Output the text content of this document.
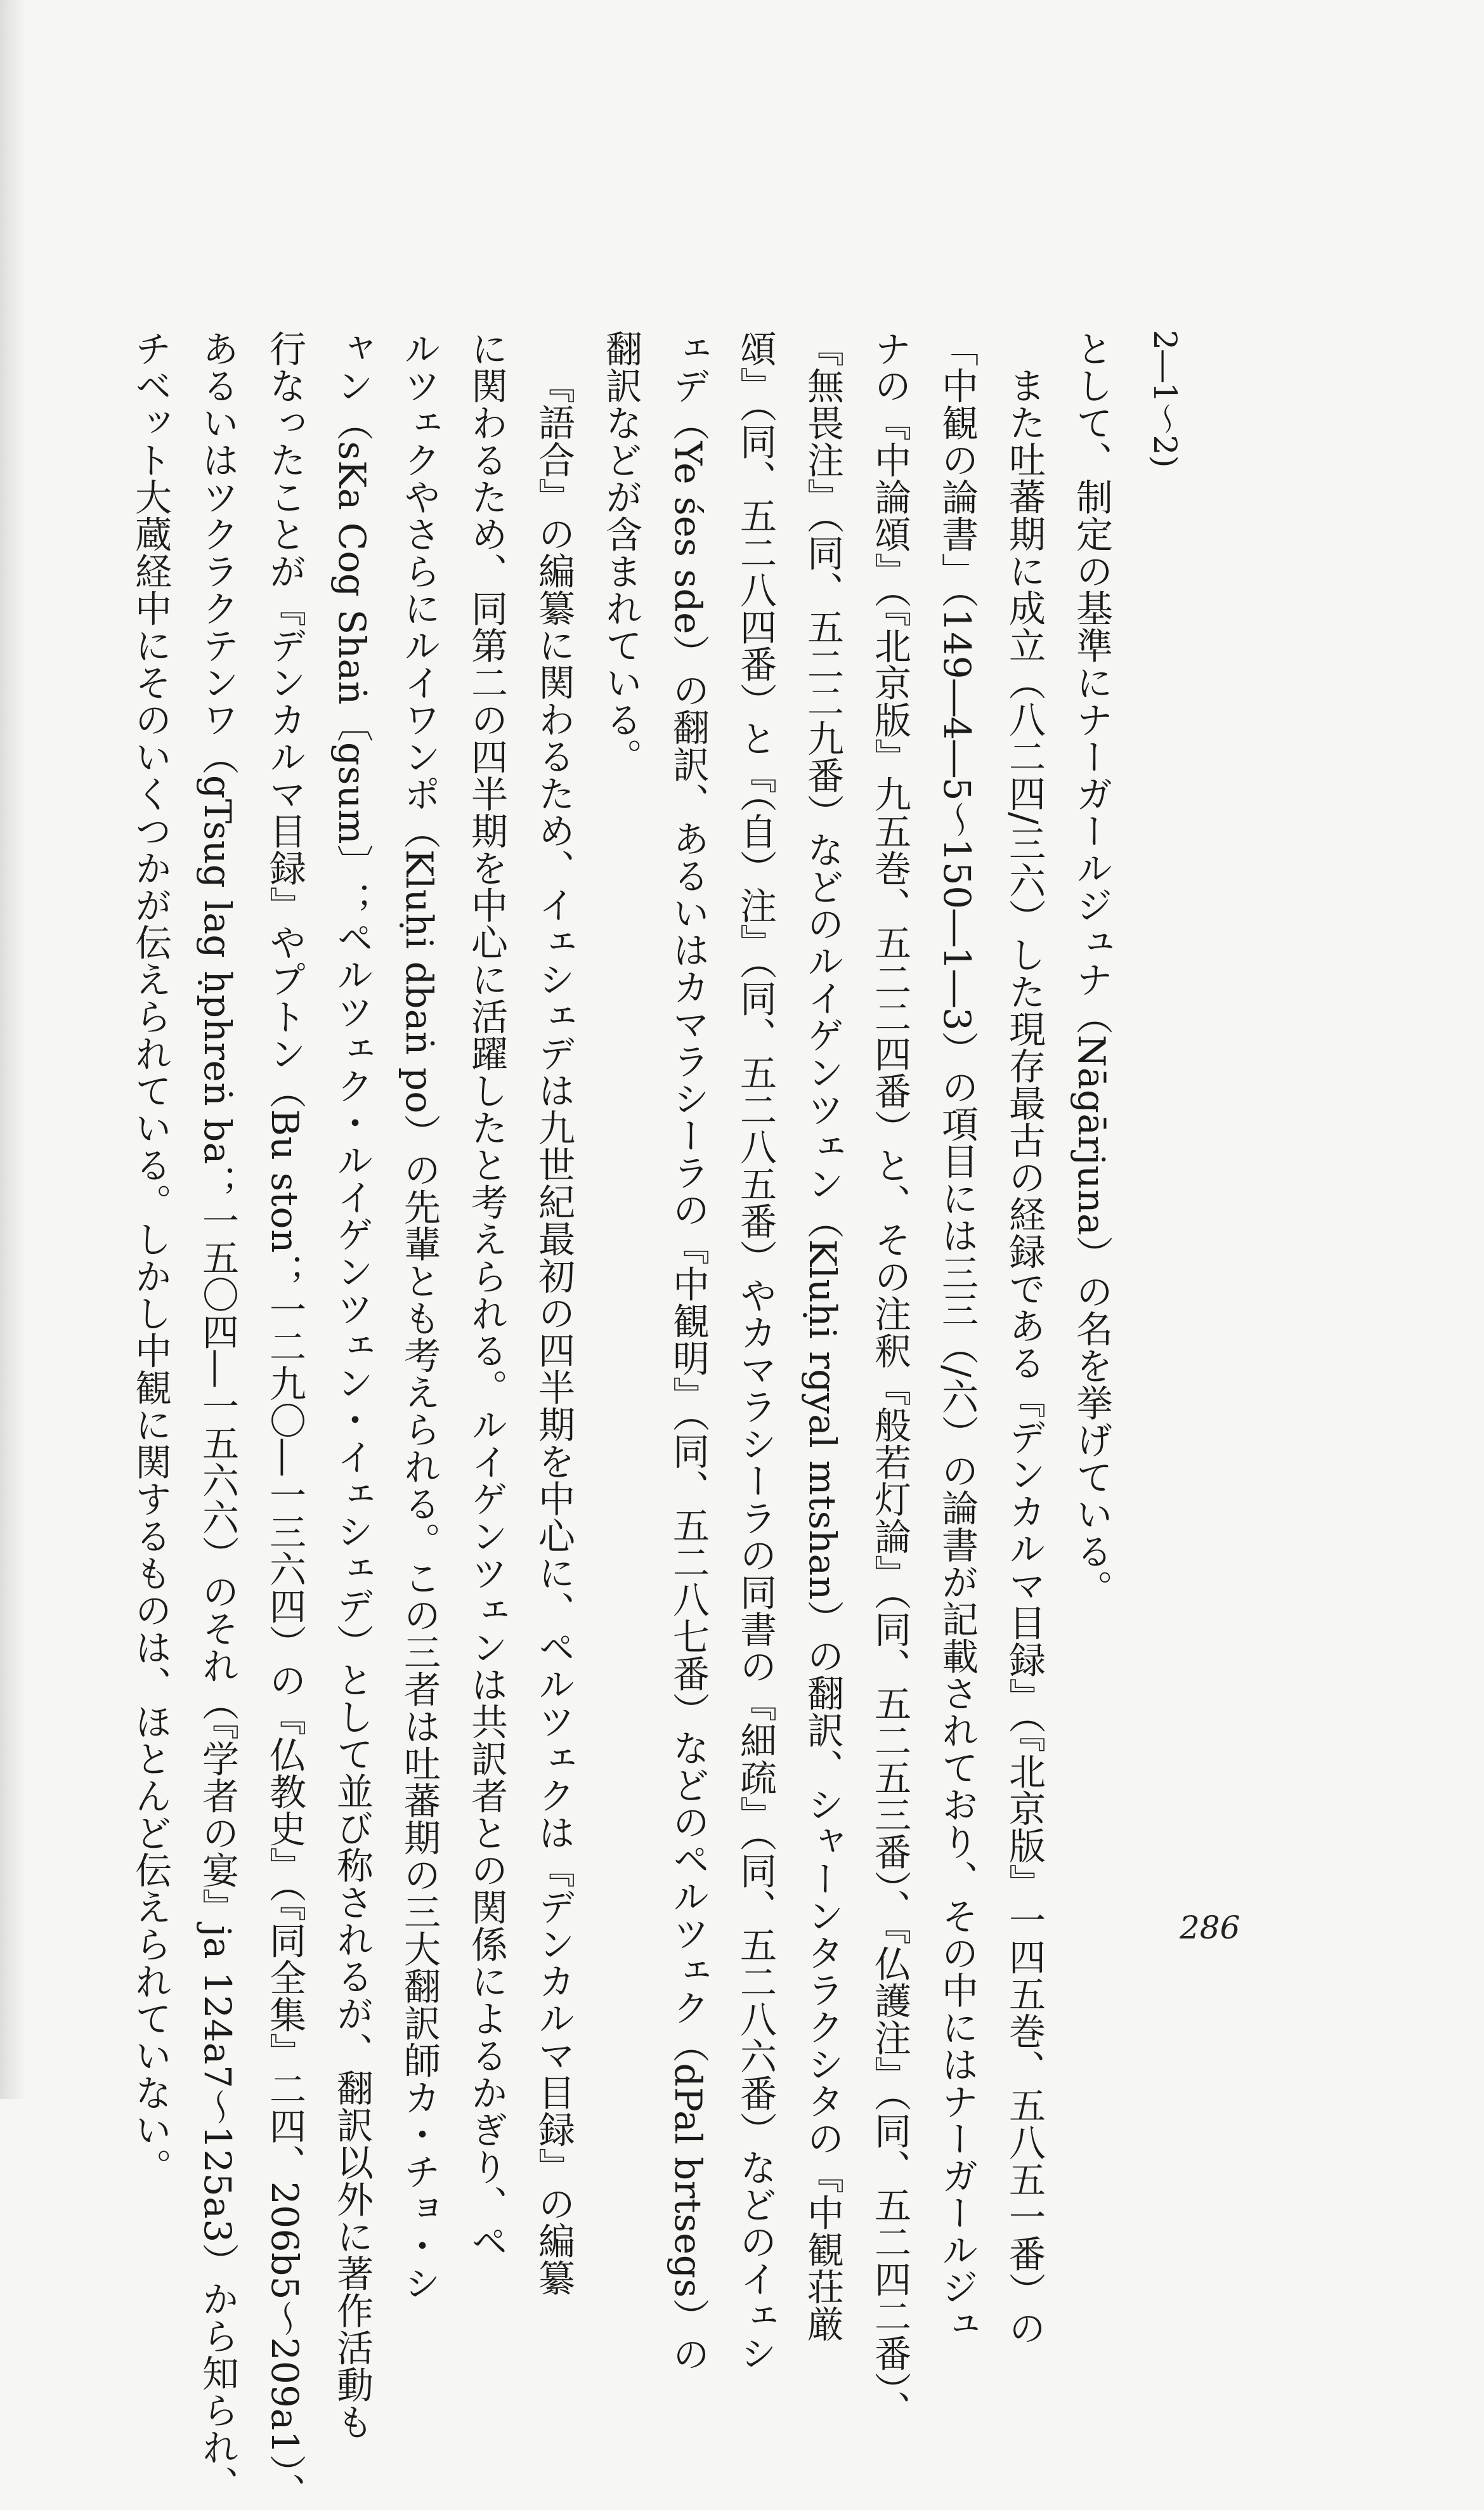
2―1〜2)
として、制定の基準にナーガールジュナ（Nāgārjuna）の名を挙げている。
また吐蕃期に成立（八二四/三六）した現存最古の経録である『デンカルマ目録』（『北京版』一四五巻、五八五一番）の
「中観の論書」（149―4―5〜150―1―3）の項目には三三（/六）の論書が記載されており、その中にはナーガールジュ
ナの『中論頌』（『北京版』九五巻、五二二四番）と、その注釈『般若灯論』（同、五二五三番）、『仏護注』（同、五二四二番）、
『無畏注』（同、五二二九番）などのルイゲンツェン（Kluḥi rgyal mtshan）の翻訳、シャーンタラクシタの『中観荘厳
頌』（同、五二八四番）と『（自）注』（同、五二八五番）やカマラシーラの同書の『細疏』（同、五二八六番）などのイェシ
ェデ（Ye śes sde）の翻訳、あるいはカマラシーラの『中観明』（同、五二八七番）などのペルツェク（dPal brtsegs）の
翻訳などが含まれている。
『語合』の編纂に関わるため、イェシェデは九世紀最初の四半期を中心に、ペルツェクは『デンカルマ目録』の編纂
に関わるため、同第二の四半期を中心に活躍したと考えられる。ルイゲンツェンは共訳者との関係によるかぎり、ペ
ルツェクやさらにルイワンポ（Kluḥi dbaṅ po）の先輩とも考えられる。この三者は吐蕃期の三大翻訳師カ・チョ・シ
ャン（sKa Cog Shaṅ〔gsum〕；ペルツェク・ルイゲンツェン・イェシェデ）として並び称されるが、翻訳以外に著作活動も
行なったことが『デンカルマ目録』やプトン（Bu ston；一二九〇―一三六四）の『仏教史』（『同全集』二四、206b5〜209a1）、
あるいはツクラクテンワ（gTsug lag ḥphreṅ ba；一五〇四―一五六六）のそれ（『学者の宴』ja 124a7〜125a3）から知られ、
チベット大蔵経中にそのいくつかが伝えられている。しかし中観に関するものは、ほとんど伝えられていない。	286
